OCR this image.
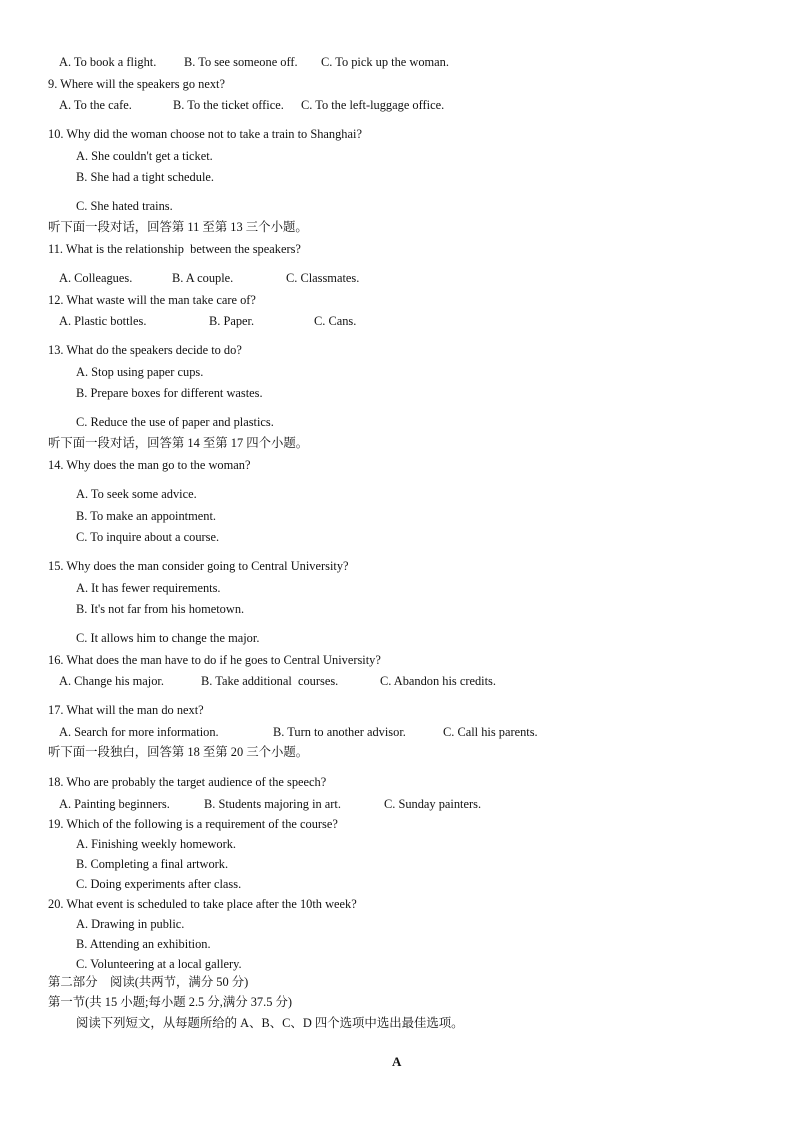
A. To book a flight. B. To see someone off. C. To pick up the woman.
9. Where will the speakers go next?
A. To the cafe.	B. To the ticket office. C. To the left-luggage office.
10. Why did the woman choose not to take a train to Shanghai?
A. She couldn't get a ticket.
B. She had a tight schedule.
C. She hated trains.
听下面一段对话，回答第 11 至第 13 三个小题。
11. What is the relationship  between the speakers?
A. Colleagues.	B. A couple.	C. Classmates.
12. What waste will the man take care of?
A. Plastic bottles.	B. Paper.	C. Cans.
13. What do the speakers decide to do?
A. Stop using paper cups.
B. Prepare boxes for different wastes.
C. Reduce the use of paper and plastics.
听下面一段对话，回答第 14 至第 17 四个小题。
14. Why does the man go to the woman?
A. To seek some advice.
B. To make an appointment.
C. To inquire about a course.
15. Why does the man consider going to Central University?
A. It has fewer requirements.
B. It's not far from his hometown.
C. It allows him to change the major.
16. What does the man have to do if he goes to Central University?
A. Change his major.	B. Take additional  courses.	C. Abandon his credits.
17. What will the man do next?
A. Search for more information.	B. Turn to another advisor.	C. Call his parents.
听下面一段独白，回答第 18 至第 20 三个小题。
18. Who are probably the target audience of the speech?
A. Painting beginners.	B. Students majoring in art.	C. Sunday painters.
19. Which of the following is a requirement of the course?
A. Finishing weekly homework.
B. Completing a final artwork.
C. Doing experiments after class.
20. What event is scheduled to take place after the 10th week?
A. Drawing in public.
B. Attending an exhibition.
C. Volunteering at a local gallery.
第二部分　阅读(共两节，满分 50 分)
第一节(共 15 小题;每小题 2.5 分,满分 37.5 分)
阅读下列短文，从每题所给的 A、B、C、D 四个选项中选出最佳选项。
A
